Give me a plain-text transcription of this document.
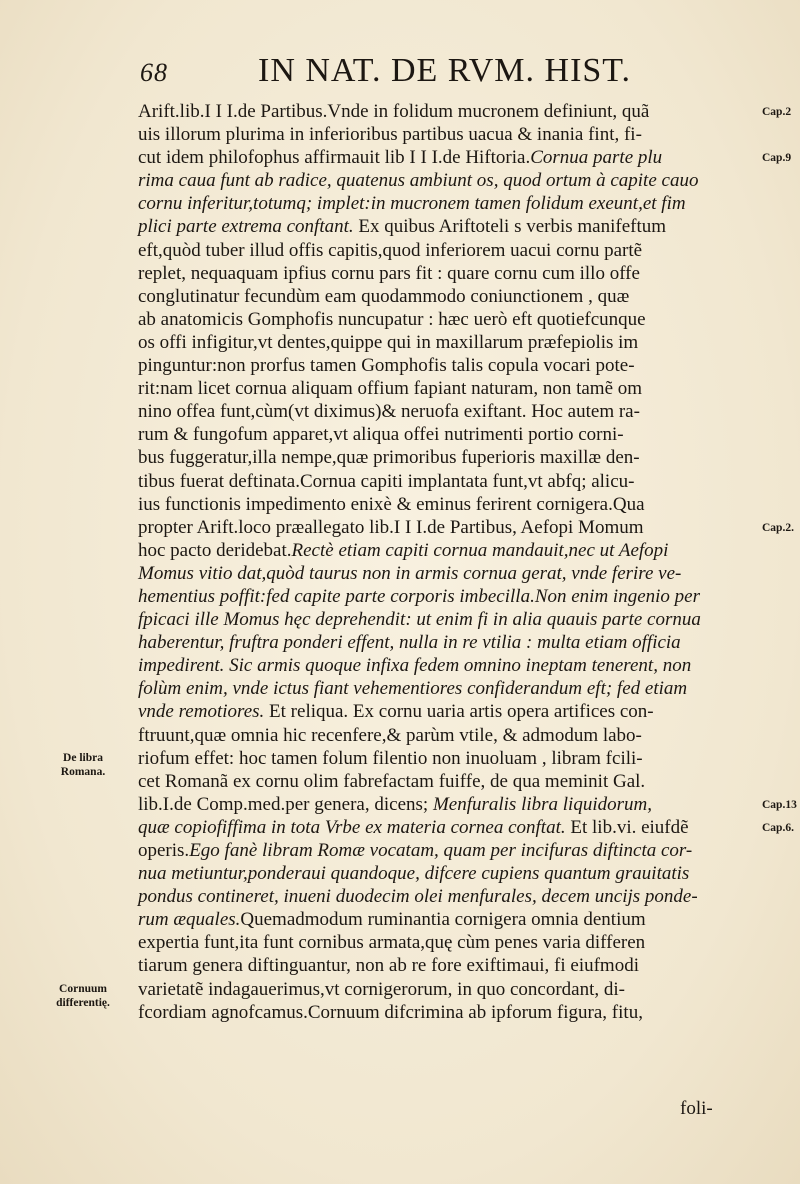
68	IN NAT. DE RVM. HIST.
Arift.lib.I I I.de Partibus.Vnde in folidum mucronem definiunt, quã
uis illorum plurima in inferioribus partibus uacua & inania fint, fi-
cut idem philofophus affirmauit lib I I I.de Hiftoria.Cornua parte plu
rima caua funt ab radice, quatenus ambiunt os, quod ortum à capite cauo
cornu inferitur,totumq; implet:in mucronem tamen folidum exeunt,et fim
plici parte extrema conftant. Ex quibus Ariftoteli s verbis manifeftum
eft,quòd tuber illud offis capitis,quod inferiorem uacui cornu partẽ
replet, nequaquam ipfius cornu pars fit : quare cornu cum illo offe
conglutinatur fecundùm eam quodammodo coniunctionem , quæ
ab anatomicis Gomphofis nuncupatur : hæc uerò eft quotiefcunque
os offi infigitur,vt dentes,quippe qui in maxillarum præfepiolis im
pinguntur:non prorfus tamen Gomphofis talis copula vocari pote-
rit:nam licet cornua aliquam offium fapiant naturam, non tamẽ om
nino offea funt,cùm(vt diximus)& neruofa exiftant. Hoc autem ra-
rum & fungofum apparet,vt aliqua offei nutrimenti portio corni-
bus fuggeratur,illa nempe,quæ primoribus fuperioris maxillæ den-
tibus fuerat deftinata.Cornua capiti implantata funt,vt abfq; alicu-
ius functionis impedimento enixè & eminus ferirent cornigera.Qua
propter Arift.loco præallegato lib.I I I.de Partibus, Aefopi Momum
hoc pacto deridebat.Rectè etiam capiti cornua mandauit,nec ut Aefopi
Momus vitio dat,quòd taurus non in armis cornua gerat, vnde ferire ve-
hementius poffit:fed capite parte corporis imbecilla.Non enim ingenio per
fpicaci ille Momus hęc deprehendit: ut enim fi in alia quauis parte cornua
haberentur, fruftra ponderi effent, nulla in re vtilia : multa etiam officia
impedirent. Sic armis quoque infixa fedem omnino ineptam tenerent, non
folùm enim, vnde ictus fiant vehementiores confiderandum eft; fed etiam
vnde remotiores. Et reliqua. Ex cornu uaria artis opera artifices con-
ftruunt,quæ omnia hic recenfere,& parùm vtile, & admodum labo-
riofum effet: hoc tamen folum filentio non inuoluam , libram fcili-
cet Romanã ex cornu olim fabrefactam fuiffe, de qua meminit Gal.
lib.I.de Comp.med.per genera, dicens; Menfuralis libra liquidorum,
quæ copiofiffima in tota Vrbe ex materia cornea conftat. Et lib.vi. eiufdẽ
operis.Ego fanè libram Romæ vocatam, quam per incifuras diftincta cor-
nua metiuntur,ponderaui quandoque, difcere cupiens quantum grauitatis
pondus contineret, inueni duodecim olei menfurales, decem uncijs ponde-
rum æquales.Quemadmodum ruminantia cornigera omnia dentium
expertia funt,ita funt cornibus armata,quę cùm penes varia differen
tiarum genera diftinguantur, non ab re fore exiftimaui, fi eiufmodi
varietatẽ indagauerimus,vt cornigerorum, in quo concordant, di-
fcordiam agnofcamus.Cornuum difcrimina ab ipforum figura, fitu,
Cap.2
Cap.9
Cap.2.
Cap.13
Cap.6.
De libra
Romana.
Cornuum
differentię.
foli-
